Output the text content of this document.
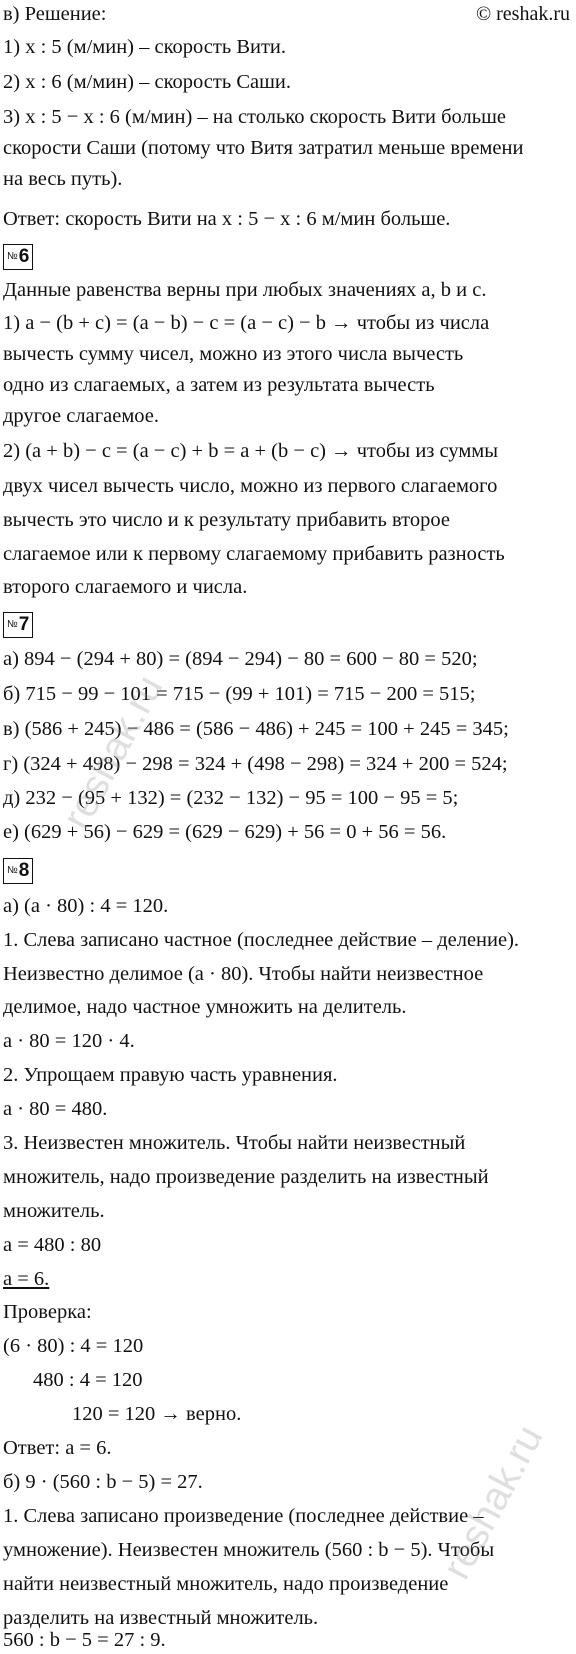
© reshak.ru
в) Решение:
1) x : 5 (м/мин) – скорость Вити.
2) x : 6 (м/мин) – скорость Саши.
3) x : 5 − x : 6 (м/мин) – на столько скорость Вити больше
скорости Саши (потому что Витя затратил меньше времени
на весь путь).
Ответ: скорость Вити на x : 5 − x : 6 м/мин больше.
№6
Данные равенства верны при любых значениях a, b и c.
1) a − (b + c) = (a − b) − c = (a − c) − b → чтобы из числа
вычесть сумму чисел, можно из этого числа вычесть
одно из слагаемых, а затем из результата вычесть
другое слагаемое.
2) (a + b) − c = (a − c) + b = a + (b − c) → чтобы из суммы
двух чисел вычесть число, можно из первого слагаемого
вычесть это число и к результату прибавить второе
слагаемое или к первому слагаемому прибавить разность
второго слагаемого и числа.
№7
а) 894 − (294 + 80) = (894 − 294) − 80 = 600 − 80 = 520;
б) 715 − 99 − 101 = 715 − (99 + 101) = 715 − 200 = 515;
в) (586 + 245) − 486 = (586 − 486) + 245 = 100 + 245 = 345;
г) (324 + 498) − 298 = 324 + (498 − 298) = 324 + 200 = 524;
д) 232 − (95 + 132) = (232 − 132) − 95 = 100 − 95 = 5;
е) (629 + 56) − 629 = (629 − 629) + 56 = 0 + 56 = 56.
№8
а) (a · 80) : 4 = 120.
1. Слева записано частное (последнее действие – деление).
Неизвестно делимое (a · 80). Чтобы найти неизвестное
делимое, надо частное умножить на делитель.
a · 80 = 120 · 4.
2. Упрощаем правую часть уравнения.
a · 80 = 480.
3. Неизвестен множитель. Чтобы найти неизвестный
множитель, надо произведение разделить на известный
множитель.
a = 480 : 80
a = 6.
Проверка:
(6 · 80) : 4 = 120
480 : 4 = 120
120 = 120 → верно.
Ответ: a = 6.
б) 9 · (560 : b − 5) = 27.
1. Слева записано произведение (последнее действие –
умножение). Неизвестен множитель (560 : b − 5). Чтобы
найти неизвестный множитель, надо произведение
разделить на известный множитель.
560 : b − 5 = 27 : 9.
reshak.ru
reshak.ru
